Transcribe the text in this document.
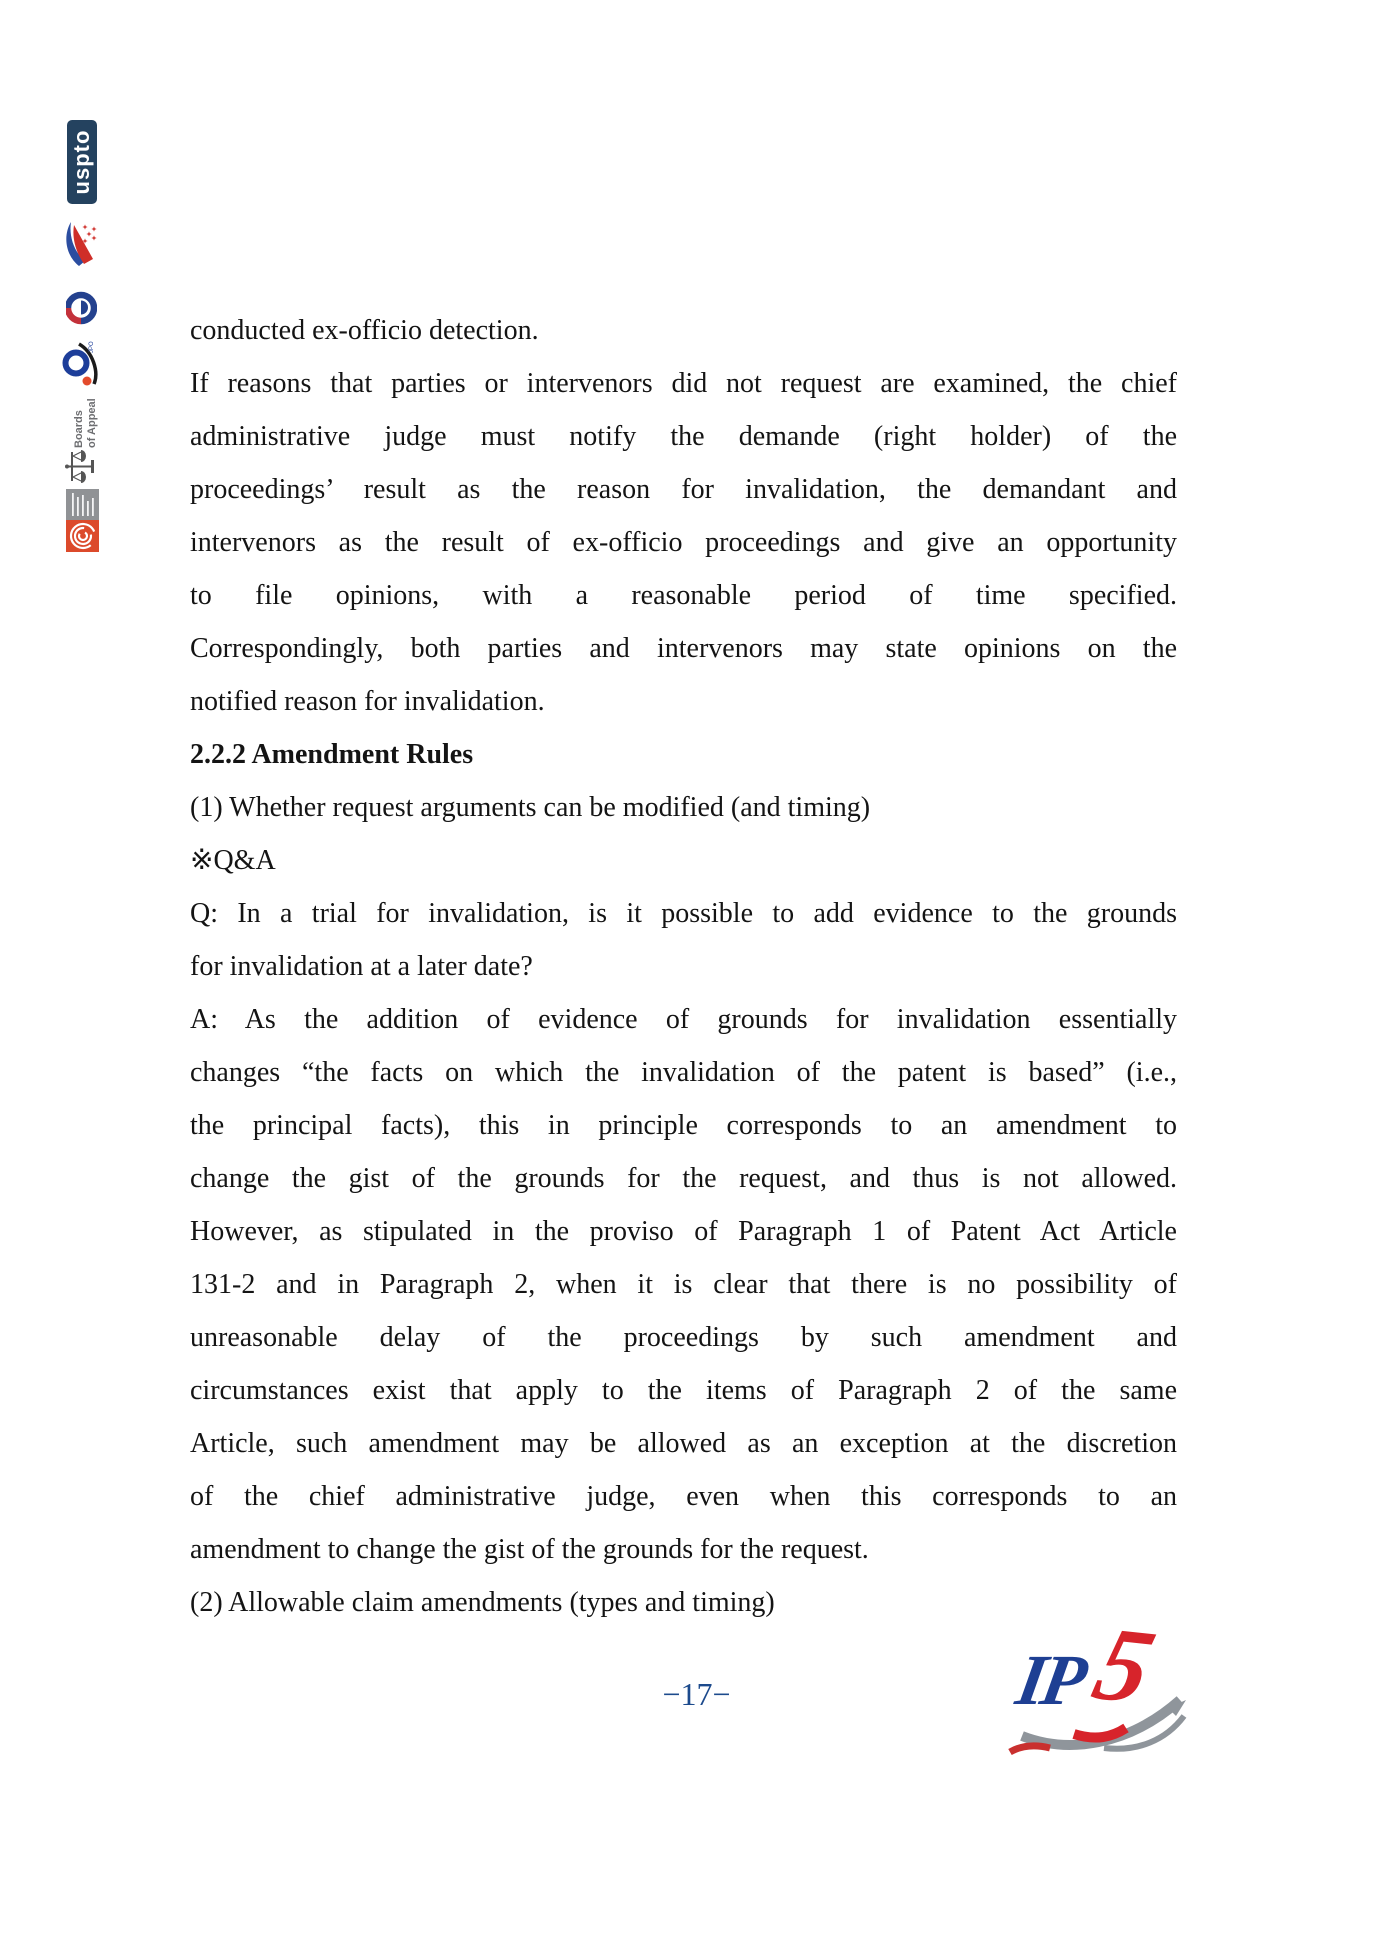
uspto
JPO
Boards of Appeal
conducted ex-officio detection.
If reasons that parties or intervenors did not request are examined, the chief
administrative judge must notify the demande (right holder) of the
proceedings’ result as the reason for invalidation, the demandant and
intervenors as the result of ex-officio proceedings and give an opportunity
to file opinions, with a reasonable period of time specified.
Correspondingly, both parties and intervenors may state opinions on the
notified reason for invalidation.
2.2.2 Amendment Rules
(1) Whether request arguments can be modified (and timing)
※Q&A
Q: In a trial for invalidation, is it possible to add evidence to the grounds
for invalidation at a later date?
A: As the addition of evidence of grounds for invalidation essentially
changes “the facts on which the invalidation of the patent is based” (i.e.,
the principal facts), this in principle corresponds to an amendment to
change the gist of the grounds for the request, and thus is not allowed.
However, as stipulated in the proviso of Paragraph 1 of Patent Act Article
131-2 and in Paragraph 2, when it is clear that there is no possibility of
unreasonable delay of the proceedings by such amendment and
circumstances exist that apply to the items of Paragraph 2 of the same
Article, such amendment may be allowed as an exception at the discretion
of the chief administrative judge, even when this corresponds to an
amendment to change the gist of the grounds for the request.
(2) Allowable claim amendments (types and timing)
−17−	IP
5
